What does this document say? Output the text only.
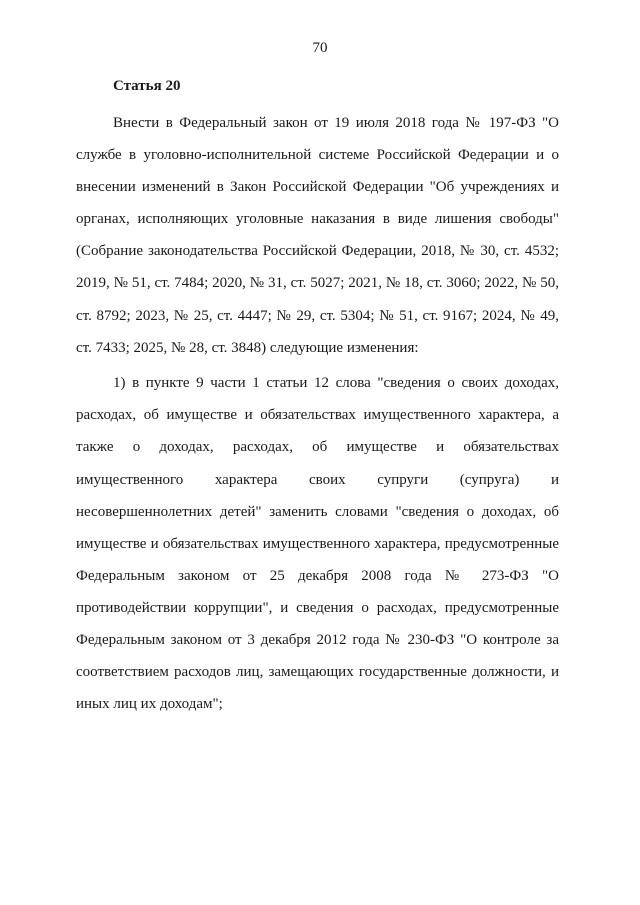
70
Статья 20

Внести в Федеральный закон от 19 июля 2018 года № 197-ФЗ "О службе в уголовно-исполнительной системе Российской Федерации и о внесении изменений в Закон Российской Федерации "Об учреждениях и органах, исполняющих уголовные наказания в виде лишения свободы" (Собрание законодательства Российской Федерации, 2018, № 30, ст. 4532; 2019, № 51, ст. 7484; 2020, № 31, ст. 5027; 2021, № 18, ст. 3060; 2022, № 50, ст. 8792; 2023, № 25, ст. 4447; № 29, ст. 5304; № 51, ст. 9167; 2024, № 49, ст. 7433; 2025, № 28, ст. 3848) следующие изменения:

1) в пункте 9 части 1 статьи 12 слова "сведения о своих доходах, расходах, об имуществе и обязательствах имущественного характера, а также о доходах, расходах, об имуществе и обязательствах имущественного характера своих супруги (супруга) и несовершеннолетних детей" заменить словами "сведения о доходах, об имуществе и обязательствах имущественного характера, предусмотренные Федеральным законом от 25 декабря 2008 года № 273-ФЗ "О противодействии коррупции", и сведения о расходах, предусмотренные Федеральным законом от 3 декабря 2012 года № 230-ФЗ "О контроле за соответствием расходов лиц, замещающих государственные должности, и иных лиц их доходам";
